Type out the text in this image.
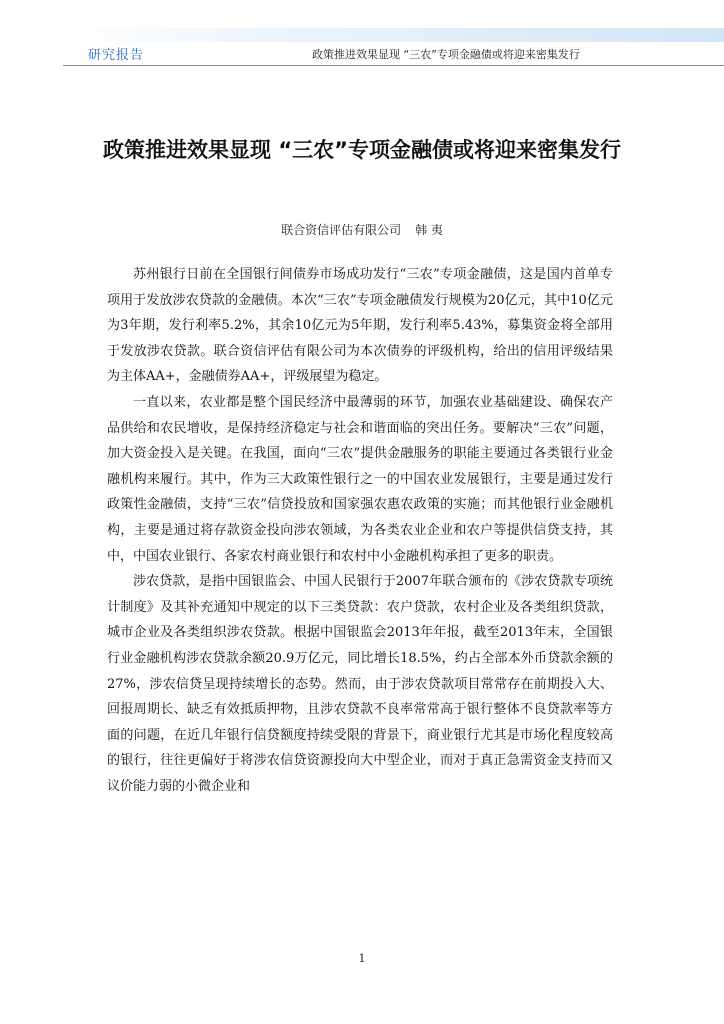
研究报告	政策推进效果显现 “三农”专项金融债或将迎来密集发行
政策推进效果显现 “三农”专项金融债或将迎来密集发行
联合资信评估有限公司 韩 夷

苏州银行日前在全国银行间债券市场成功发行“三农”专项金融债，这是国内首单专项用于发放涉农贷款的金融债。本次“三农”专项金融债发行规模为20亿元，其中10亿元为3年期，发行利率5.2%，其余10亿元为5年期，发行利率5.43%，募集资金将全部用于发放涉农贷款。联合资信评估有限公司为本次债券的评级机构，给出的信用评级结果为主体AA+，金融债券AA+，评级展望为稳定。

一直以来，农业都是整个国民经济中最薄弱的环节，加强农业基础建设、确保农产品供给和农民增收，是保持经济稳定与社会和谐面临的突出任务。要解决“三农”问题，加大资金投入是关键。在我国，面向“三农”提供金融服务的职能主要通过各类银行业金融机构来履行。其中，作为三大政策性银行之一的中国农业发展银行，主要是通过发行政策性金融债，支持“三农”信贷投放和国家强农惠农政策的实施；而其他银行业金融机构，主要是通过将存款资金投向涉农领域，为各类农业企业和农户等提供信贷支持，其中，中国农业银行、各家农村商业银行和农村中小金融机构承担了更多的职责。

涉农贷款，是指中国银监会、中国人民银行于2007年联合颁布的《涉农贷款专项统计制度》及其补充通知中规定的以下三类贷款：农户贷款，农村企业及各类组织贷款，城市企业及各类组织涉农贷款。根据中国银监会2013年年报，截至2013年末，全国银行业金融机构涉农贷款余额20.9万亿元，同比增长18.5%，约占全部本外币贷款余额的27%，涉农信贷呈现持续增长的态势。然而，由于涉农贷款项目常常存在前期投入大、回报周期长、缺乏有效抵质押物，且涉农贷款不良率常常高于银行整体不良贷款率等方面的问题，在近几年银行信贷额度持续受限的背景下，商业银行尤其是市场化程度较高的银行，往往更偏好于将涉农信贷资源投向大中型企业，而对于真正急需资金支持而又议价能力弱的小微企业和

1
